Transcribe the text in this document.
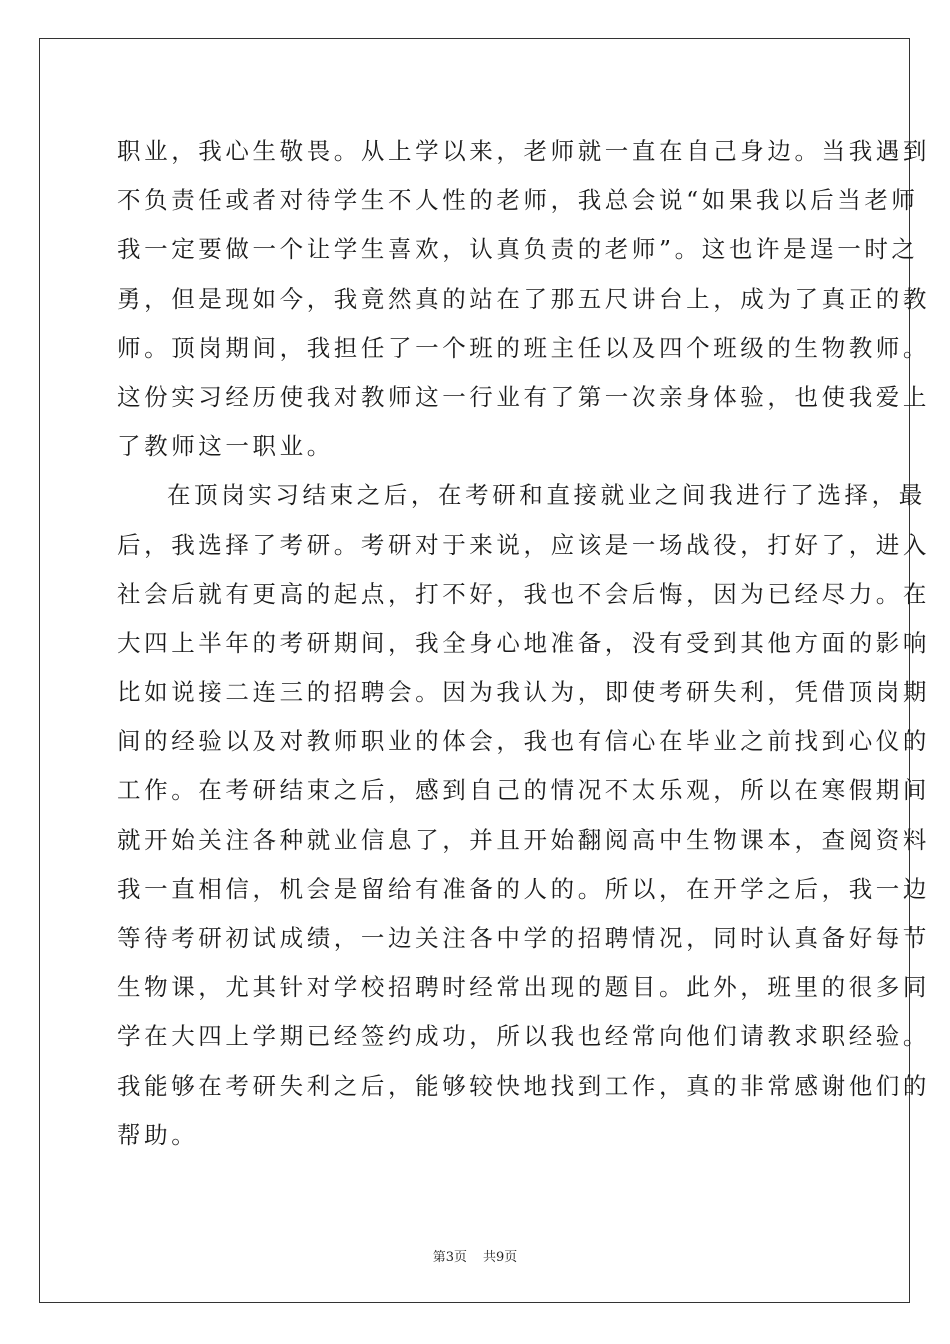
职业，我心生敬畏。从上学以来，老师就一直在自己身边。当我遇到
不负责任或者对待学生不人性的老师，我总会说“如果我以后当老师
我一定要做一个让学生喜欢，认真负责的老师”。这也许是逞一时之
勇，但是现如今，我竟然真的站在了那五尺讲台上，成为了真正的教
师。顶岗期间，我担任了一个班的班主任以及四个班级的生物教师。
这份实习经历使我对教师这一行业有了第一次亲身体验，也使我爱上
了教师这一职业。
在顶岗实习结束之后，在考研和直接就业之间我进行了选择，最
后，我选择了考研。考研对于来说，应该是一场战役，打好了，进入
社会后就有更高的起点，打不好，我也不会后悔，因为已经尽力。在
大四上半年的考研期间，我全身心地准备，没有受到其他方面的影响
比如说接二连三的招聘会。因为我认为，即使考研失利，凭借顶岗期
间的经验以及对教师职业的体会，我也有信心在毕业之前找到心仪的
工作。在考研结束之后，感到自己的情况不太乐观，所以在寒假期间
就开始关注各种就业信息了，并且开始翻阅高中生物课本，查阅资料
我一直相信，机会是留给有准备的人的。所以，在开学之后，我一边
等待考研初试成绩，一边关注各中学的招聘情况，同时认真备好每节
生物课，尤其针对学校招聘时经常出现的题目。此外，班里的很多同
学在大四上学期已经签约成功，所以我也经常向他们请教求职经验。
我能够在考研失利之后，能够较快地找到工作，真的非常感谢他们的
帮助。
第3页 共9页
